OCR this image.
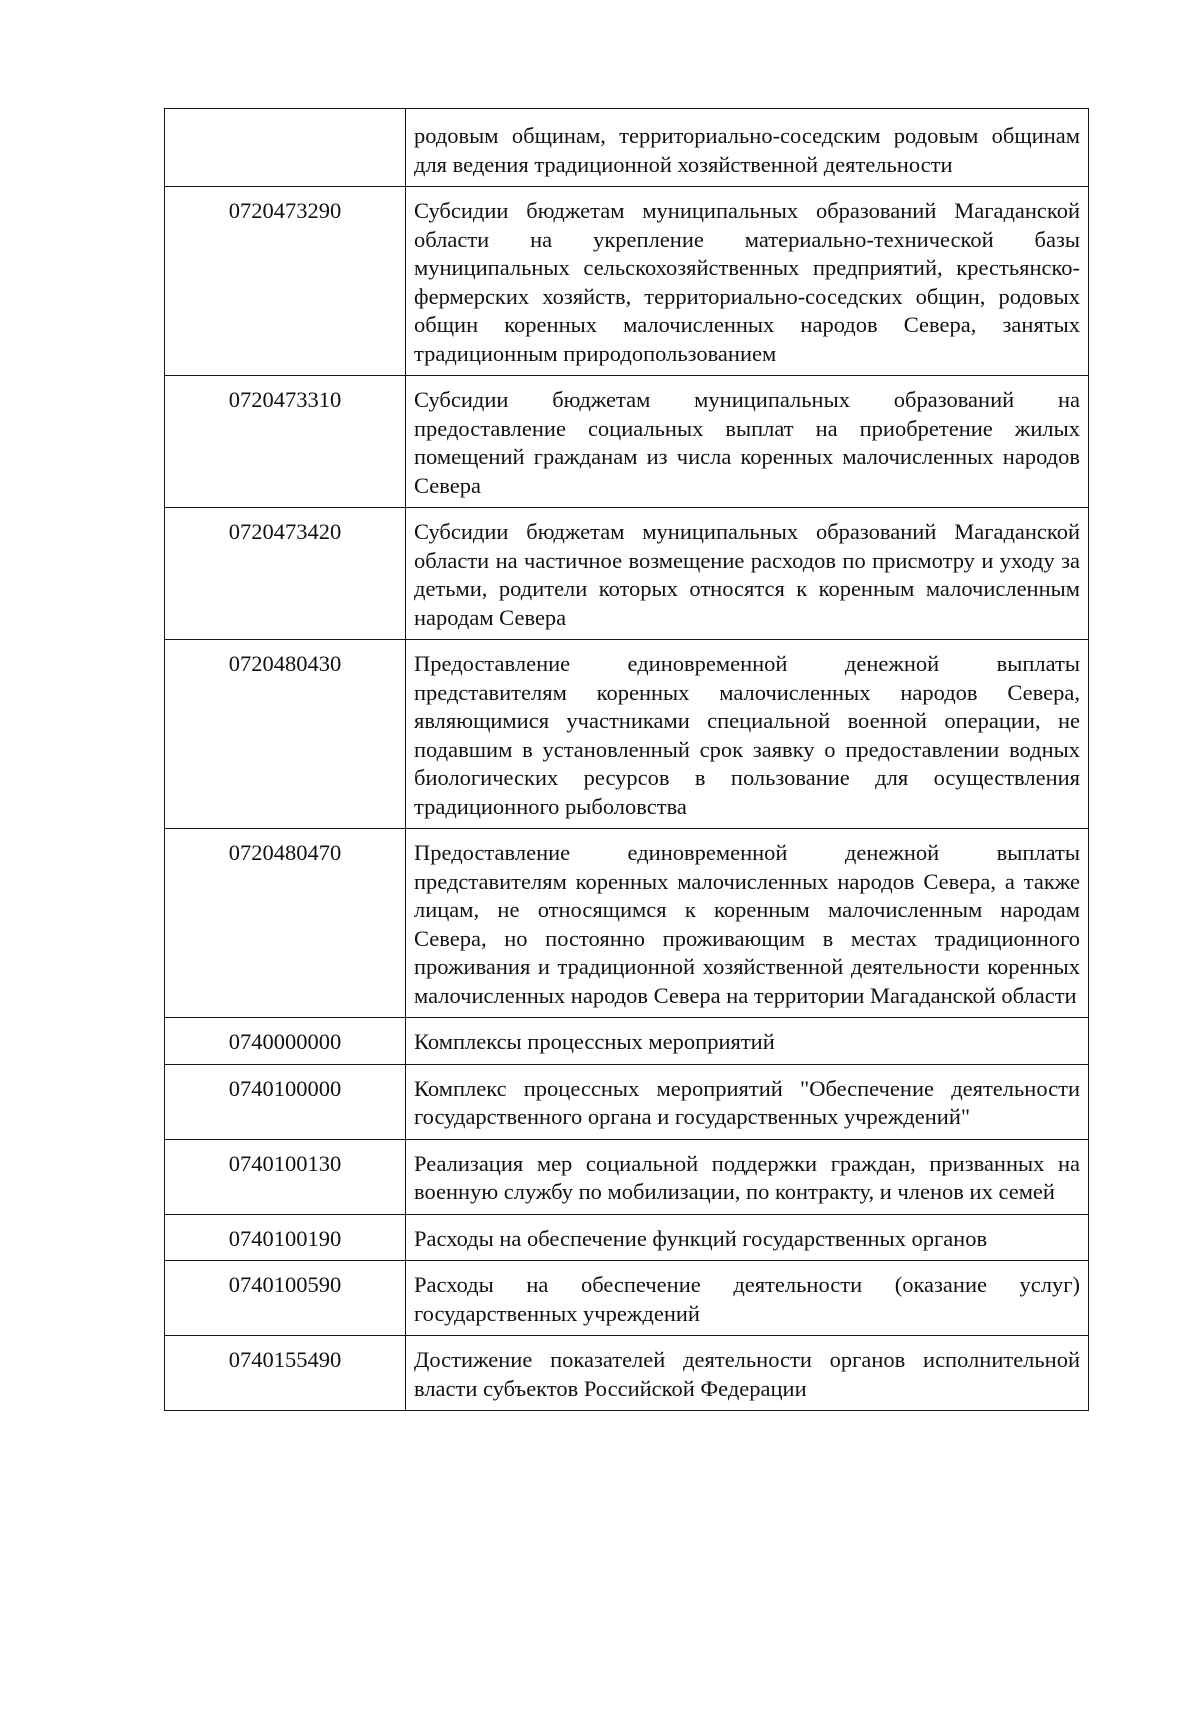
	родовым общинам, территориально-соседским родовым общинам для ведения традиционной хозяйственной деятельности
0720473290	Субсидии бюджетам муниципальных образований Магаданской области на укрепление материально-технической базы муниципальных сельскохозяйственных предприятий, крестьянско-фермерских хозяйств, территориально-соседских общин, родовых общин коренных малочисленных народов Севера, занятых традиционным природопользованием
0720473310	Субсидии бюджетам муниципальных образований на предоставление социальных выплат на приобретение жилых помещений гражданам из числа коренных малочисленных народов Севера
0720473420	Субсидии бюджетам муниципальных образований Магаданской области на частичное возмещение расходов по присмотру и уходу за детьми, родители которых относятся к коренным малочисленным народам Севера
0720480430	Предоставление единовременной денежной выплаты представителям коренных малочисленных народов Севера, являющимися участниками специальной военной операции, не подавшим в установленный срок заявку о предоставлении водных биологических ресурсов в пользование для осуществления традиционного рыболовства
0720480470	Предоставление единовременной денежной выплаты представителям коренных малочисленных народов Севера, а также лицам, не относящимся к коренным малочисленным народам Севера, но постоянно проживающим в местах традиционного проживания и традиционной хозяйственной деятельности коренных малочисленных народов Севера на территории Магаданской области
0740000000	Комплексы процессных мероприятий
0740100000	Комплекс процессных мероприятий "Обеспечение деятельности государственного органа и государственных учреждений"
0740100130	Реализация мер социальной поддержки граждан, призванных на военную службу по мобилизации, по контракту, и членов их семей
0740100190	Расходы на обеспечение функций государственных органов
0740100590	Расходы на обеспечение деятельности (оказание услуг) государственных учреждений
0740155490	Достижение показателей деятельности органов исполнительной власти субъектов Российской Федерации
